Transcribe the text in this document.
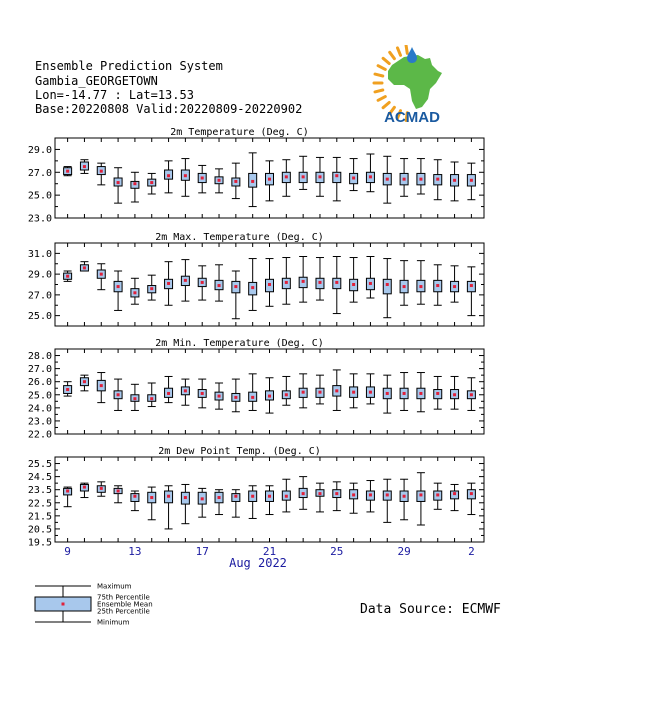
Ensemble Prediction System
Gambia_GEORGETOWN
Lon=-14.77 : Lat=13.53
Base:20220808 Valid:20220809-20220902	ACMAD
2m Temperature (Deg. C)
23.0
25.0
27.0
29.0
2m Max. Temperature (Deg. C)
25.0
27.0
29.0
31.0
2m Min. Temperature (Deg. C)
22.0
23.0
24.0
25.0
26.0
27.0
28.0
2m Dew Point Temp. (Deg. C)
19.5
20.5
21.5
22.5
23.5
24.5
25.5
9	13	17	21	25	29	2
Aug 2022
Maximum
75th Percentile
Ensemble Mean
25th Percentile
Minimum
Data Source: ECMWF
